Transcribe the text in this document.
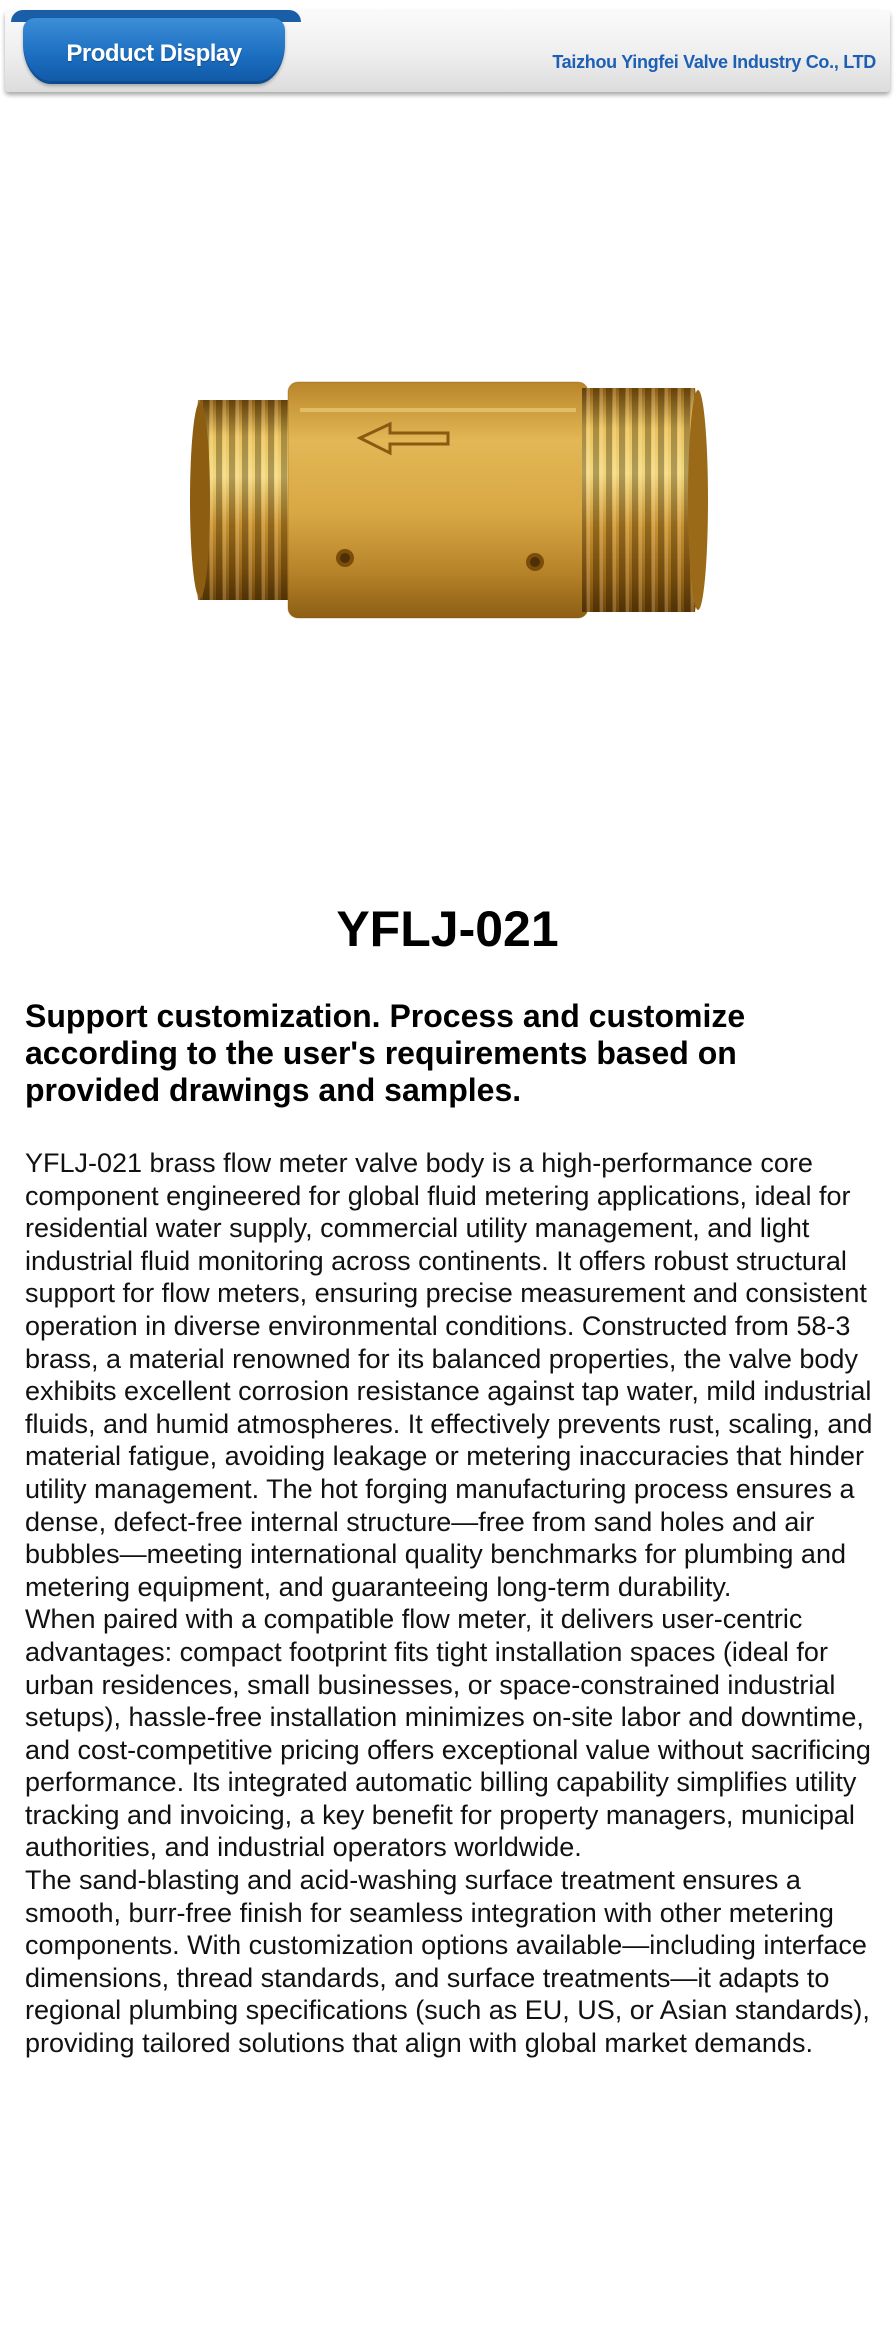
Product Display	Taizhou Yingfei Valve Industry Co., LTD
YFLJ-021
Support customization. Process and customize according to the user's requirements based on provided drawings and samples.

YFLJ-021 brass flow meter valve body is a high-performance core component engineered for global fluid metering applications, ideal for residential water supply, commercial utility management, and light industrial fluid monitoring across continents. It offers robust structural support for flow meters, ensuring precise measurement and consistent operation in diverse environmental conditions. Constructed from 58-3 brass, a material renowned for its balanced properties, the valve body exhibits excellent corrosion resistance against tap water, mild industrial fluids, and humid atmospheres. It effectively prevents rust, scaling, and material fatigue, avoiding leakage or metering inaccuracies that hinder utility management. The hot forging manufacturing process ensures a dense, defect-free internal structure—free from sand holes and air bubbles—meeting international quality benchmarks for plumbing and metering equipment, and guaranteeing long-term durability.

When paired with a compatible flow meter, it delivers user-centric advantages: compact footprint fits tight installation spaces (ideal for urban residences, small businesses, or space-constrained industrial setups), hassle-free installation minimizes on-site labor and downtime, and cost-competitive pricing offers exceptional value without sacrificing performance. Its integrated automatic billing capability simplifies utility tracking and invoicing, a key benefit for property managers, municipal authorities, and industrial operators worldwide.

The sand-blasting and acid-washing surface treatment ensures a smooth, burr-free finish for seamless integration with other metering components. With customization options available—including interface dimensions, thread standards, and surface treatments—it adapts to regional plumbing specifications (such as EU, US, or Asian standards), providing tailored solutions that align with global market demands.
